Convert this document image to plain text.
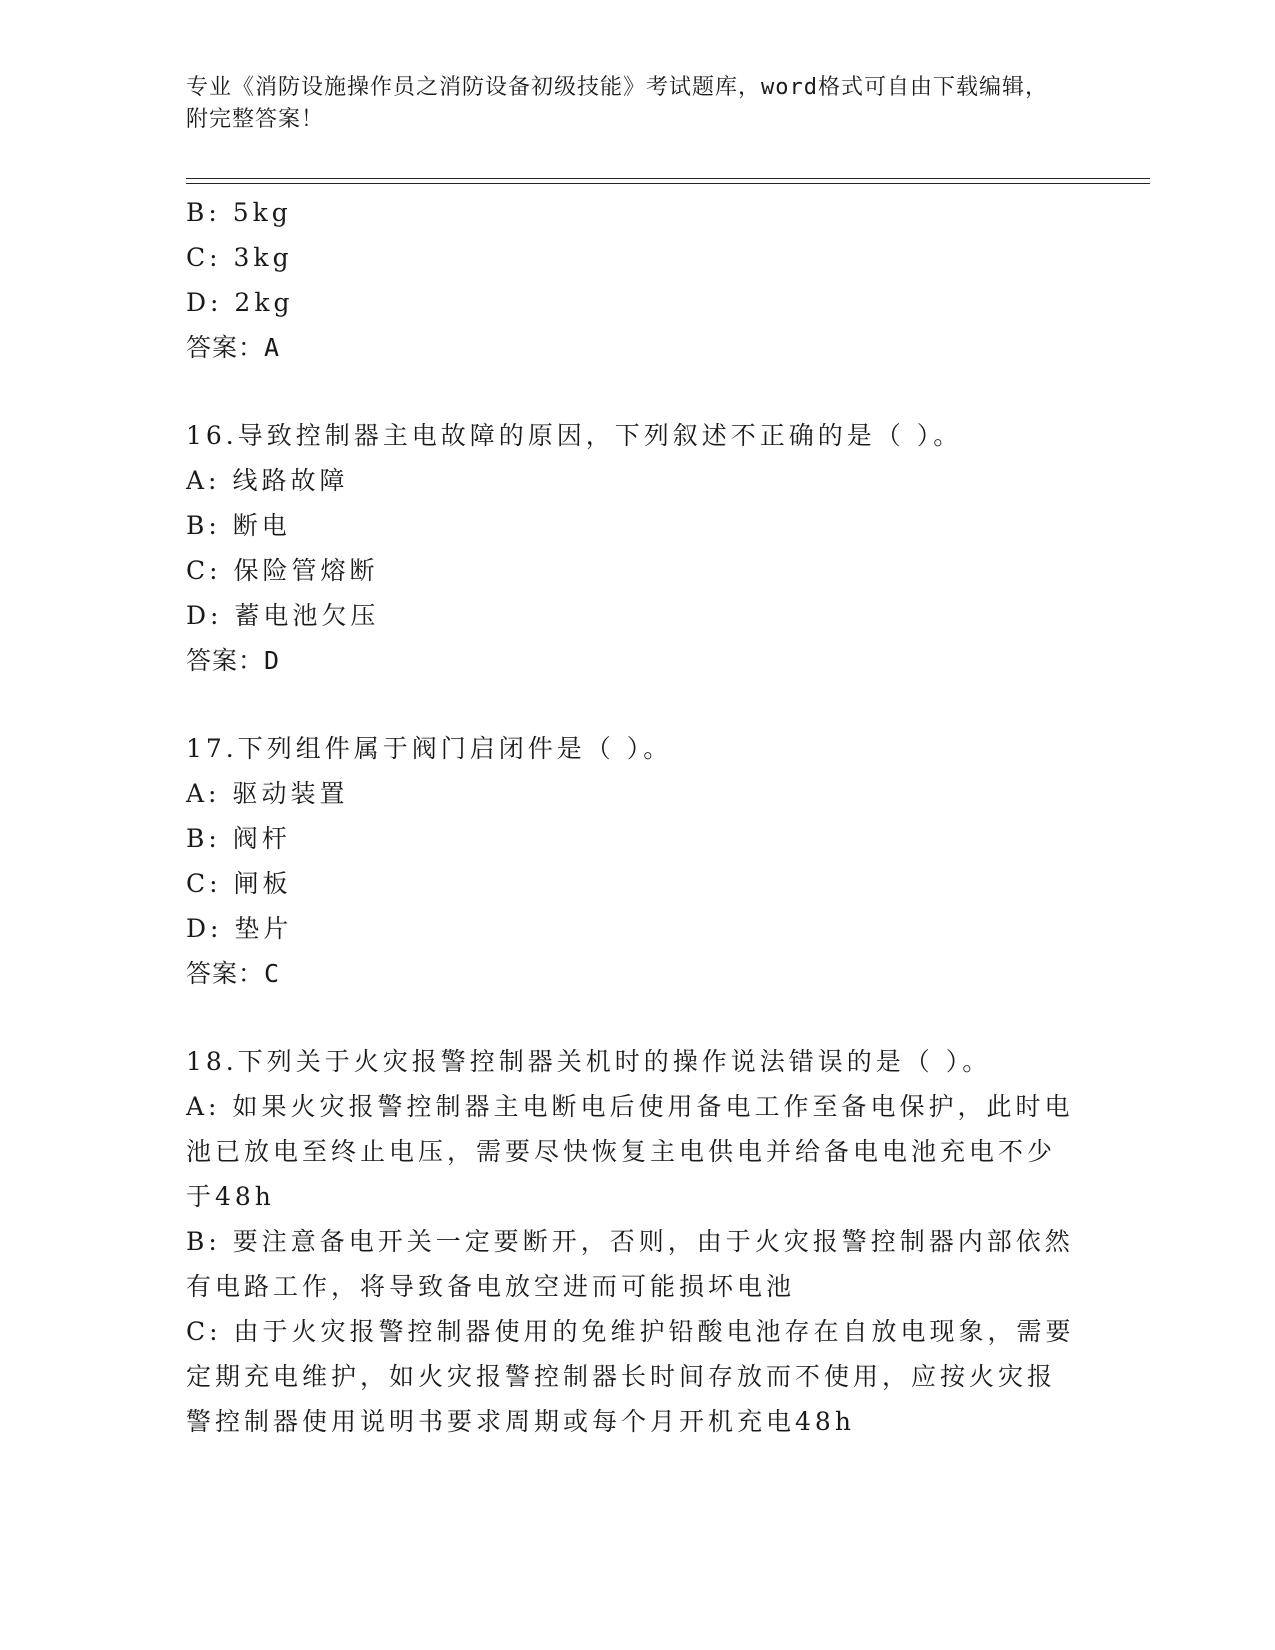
专业《消防设施操作员之消防设备初级技能》考试题库，word格式可自由下载编辑，附完整答案！
B: 5kg
C: 3kg
D: 2kg
答案：A
16.导致控制器主电故障的原因，下列叙述不正确的是（ ）。
A: 线路故障
B: 断电
C: 保险管熔断
D: 蓄电池欠压
答案：D
17.下列组件属于阀门启闭件是（ ）。
A: 驱动装置
B: 阀杆
C: 闸板
D: 垫片
答案：C
18.下列关于火灾报警控制器关机时的操作说法错误的是（ ）。
A: 如果火灾报警控制器主电断电后使用备电工作至备电保护，此时电
池已放电至终止电压，需要尽快恢复主电供电并给备电电池充电不少
于48h
B: 要注意备电开关一定要断开，否则，由于火灾报警控制器内部依然
有电路工作，将导致备电放空进而可能损坏电池
C: 由于火灾报警控制器使用的免维护铅酸电池存在自放电现象，需要
定期充电维护，如火灾报警控制器长时间存放而不使用，应按火灾报
警控制器使用说明书要求周期或每个月开机充电48h
